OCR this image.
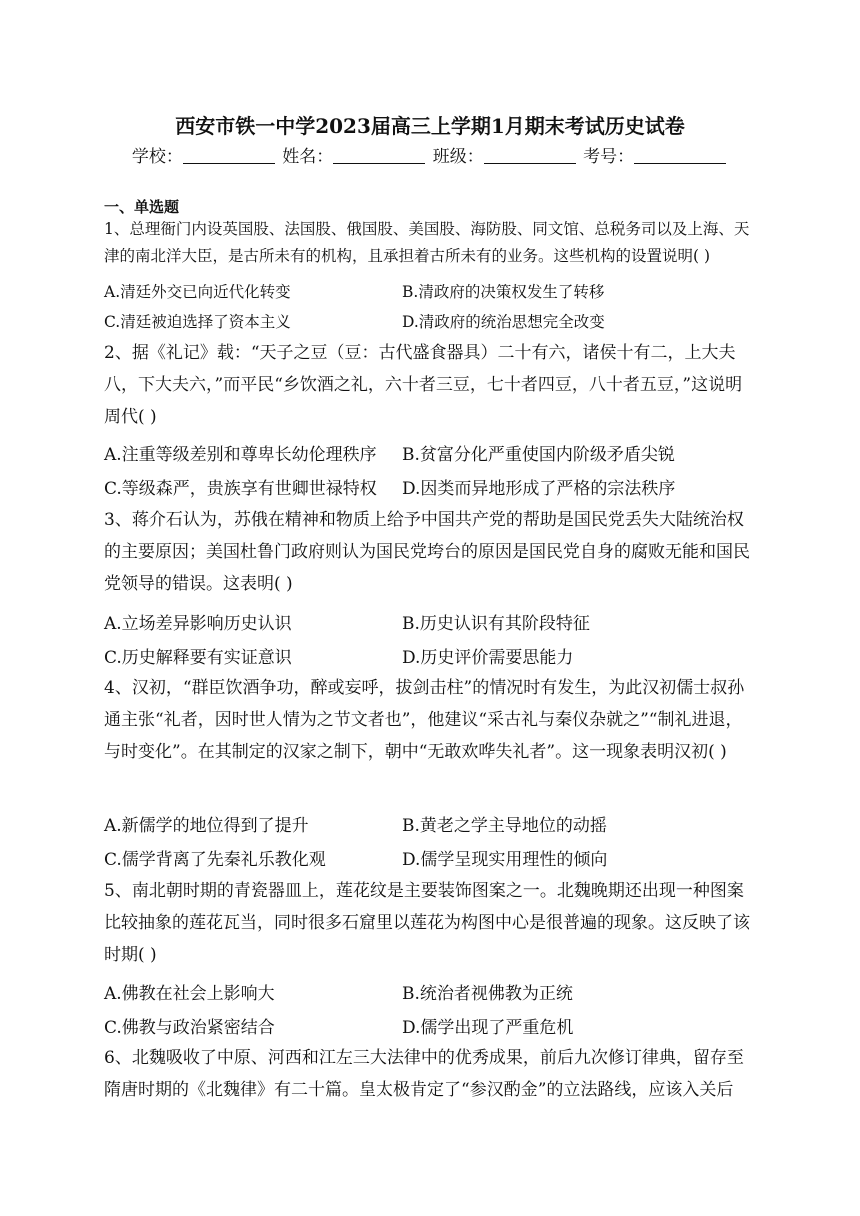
西安市铁一中学2023届高三上学期1月期末考试历史试卷
学校：	姓名：	班级：	考号：
一、单选题

1、总理衙门内设英国股、法国股、俄国股、美国股、海防股、同文馆、总税务司以及上海、天津的南北洋大臣，是古所未有的机构，且承担着古所未有的业务。这些机构的设置说明( )

A.清廷外交已向近代化转变	B.清政府的决策权发生了转移
C.清廷被迫选择了资本主义	D.清政府的统治思想完全改变

2、据《礼记》载：“天子之豆（豆：古代盛食器具）二十有六，诸侯十有二，上大夫八，下大夫六，”而平民“乡饮酒之礼，六十者三豆，七十者四豆，八十者五豆，”这说明周代( )

A.注重等级差别和尊卑长幼伦理秩序 B.贫富分化严重使国内阶级矛盾尖锐
C.等级森严，贵族享有世卿世禄特权 D.因类而异地形成了严格的宗法秩序

3、蒋介石认为，苏俄在精神和物质上给予中国共产党的帮助是国民党丢失大陆统治权的主要原因；美国杜鲁门政府则认为国民党垮台的原因是国民党自身的腐败无能和国民党领导的错误。这表明( )

A.立场差异影响历史认识	B.历史认识有其阶段特征
C.历史解释要有实证意识	D.历史评价需要思能力

4、汉初，“群臣饮酒争功，醉或妄呼，拔剑击柱”的情况时有发生，为此汉初儒士叔孙通主张“礼者，因时世人情为之节文者也”，他建议“采古礼与秦仪杂就之”“制礼进退，与时变化”。在其制定的汉家之制下，朝中“无敢欢哗失礼者”。这一现象表明汉初( )

A.新儒学的地位得到了提升	B.黄老之学主导地位的动摇
C.儒学背离了先秦礼乐教化观	D.儒学呈现实用理性的倾向

5、南北朝时期的青瓷器皿上，莲花纹是主要装饰图案之一。北魏晚期还出现一种图案比较抽象的莲花瓦当，同时很多石窟里以莲花为构图中心是很普遍的现象。这反映了该时期( )

A.佛教在社会上影响大	B.统治者视佛教为正统
C.佛教与政治紧密结合	D.儒学出现了严重危机

6、北魏吸收了中原、河西和江左三大法律中的优秀成果，前后九次修订律典，留存至隋唐时期的《北魏律》有二十篇。皇太极肯定了“参汉酌金”的立法路线，应该入关后
